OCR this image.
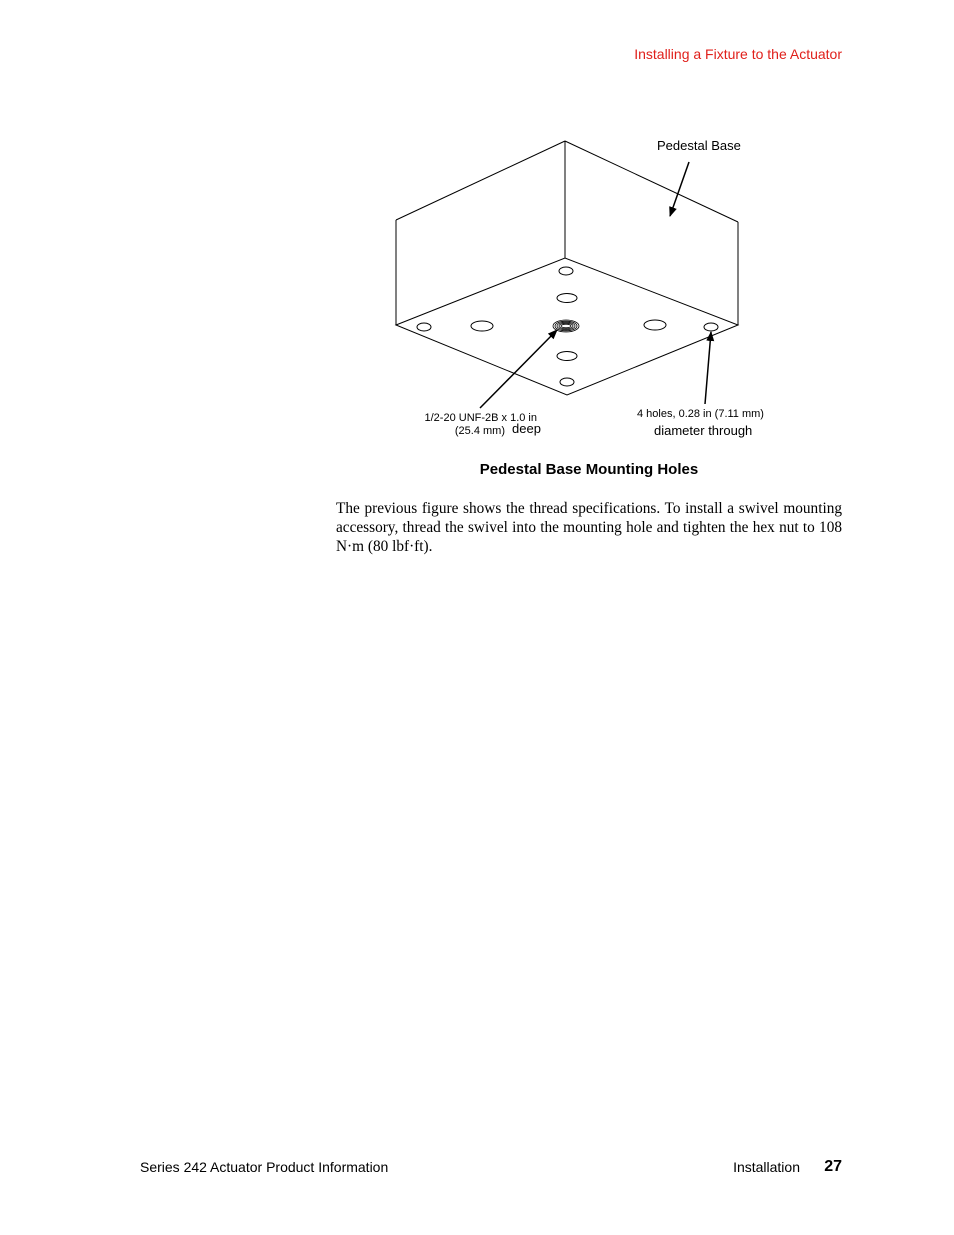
Installing a Fixture to the Actuator
Pedestal Base
1/2-20 UNF-2B x 1.0 in
(25.4 mm) deep
4 holes, 0.28 in (7.11 mm)
diameter through
Pedestal Base Mounting Holes

The previous figure shows the thread specifications. To install a swivel mounting accessory, thread the swivel into the mounting hole and tighten the hex nut to 108 N·m (80 lbf·ft).

Series 242 Actuator Product Information	Installation 27
